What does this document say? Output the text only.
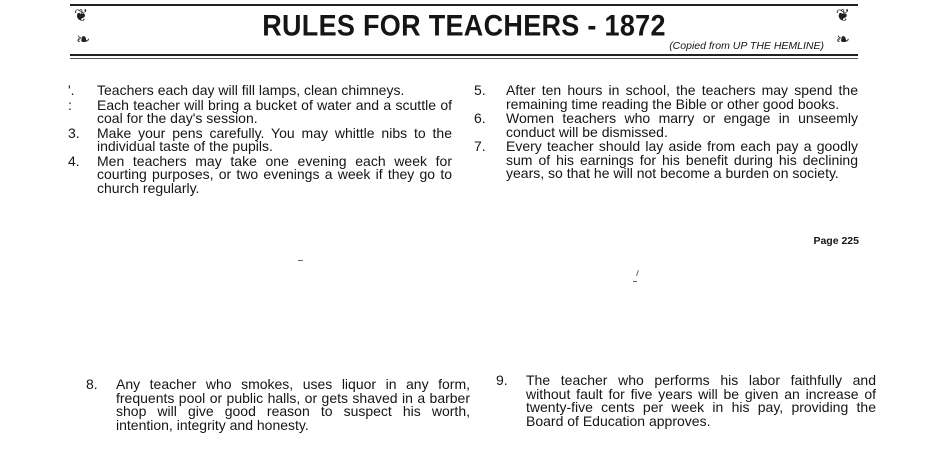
❦
❧
❦
❧
RULES FOR TEACHERS - 1872
(Copied from UP THE HEMLINE)
'.	Teachers each day will fill lamps, clean chimneys.
:	Each teacher will bring a bucket of water and a scuttle of coal for the day's session.
3.	Make your pens carefully. You may whittle nibs to the individual taste of the pupils.
4.	Men teachers may take one evening each week for courting purposes, or two evenings a week if they go to church regularly.
5.	After ten hours in school, the teachers may spend the remaining time reading the Bible or other good books.
6.	Women teachers who marry or engage in unseemly conduct will be dismissed.
7.	Every teacher should lay aside from each pay a goodly sum of his earnings for his benefit during his declining years, so that he will not become a burden on society.
Page 225
8.	Any teacher who smokes, uses liquor in any form, frequents pool or public halls, or gets shaved in a barber shop will give good reason to suspect his worth, intention, integrity and honesty.
9.	The teacher who performs his labor faithfully and without fault for five years will be given an increase of twenty-five cents per week in his pay, providing the Board of Education approves.
